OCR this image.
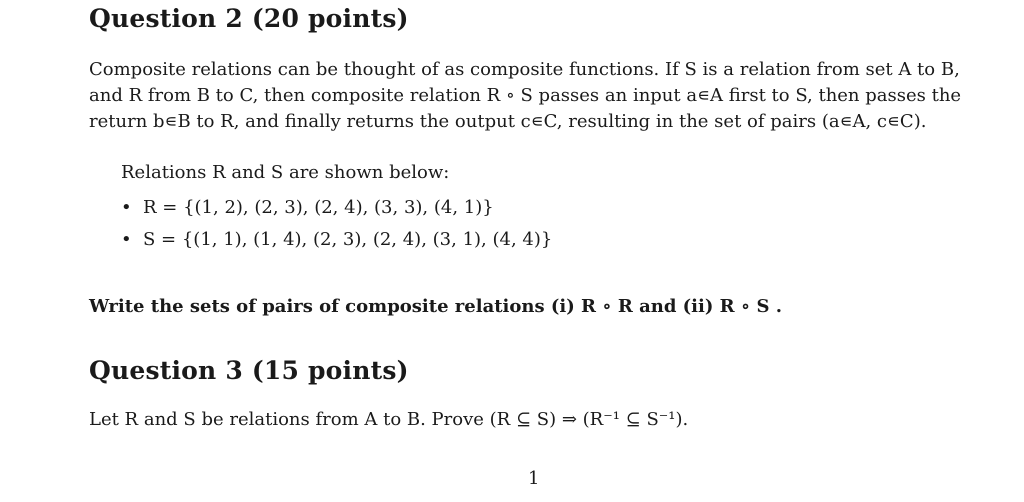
Question 2 (20 points)
Composite relations can be thought of as composite functions. If S is a relation from set A to B,
and R from B to C, then composite relation R ∘ S passes an input a∊A first to S, then passes the
return b∊B to R, and finally returns the output c∊C, resulting in the set of pairs (a∊A, c∊C).
Relations R and S are shown below:
• R = {(1, 2), (2, 3), (2, 4), (3, 3), (4, 1)}
• S = {(1, 1), (1, 4), (2, 3), (2, 4), (3, 1), (4, 4)}
Write the sets of pairs of composite relations (i) R ∘ R and (ii) R ∘ S .
Question 3 (15 points)
Let R and S be relations from A to B. Prove (R ⊆ S) ⇒ (R⁻¹ ⊆ S⁻¹).
1
